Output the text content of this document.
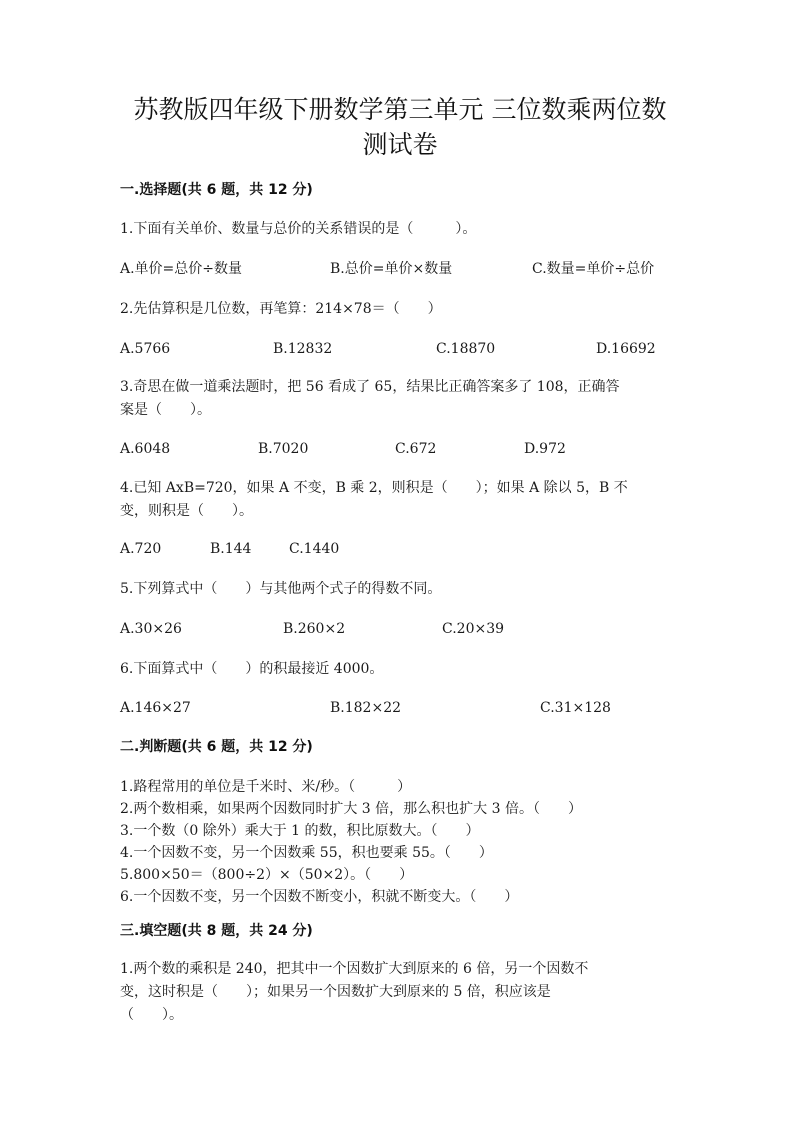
苏教版四年级下册数学第三单元 三位数乘两位数
测试卷
一.选择题(共 6 题，共 12 分)
1.下面有关单价、数量与总价的关系错误的是（　　　）。
A.单价=总价÷数量	B.总价=单价×数量	C.数量=单价÷总价
2.先估算积是几位数，再笔算：214×78＝（　　）
A.5766	B.12832	C.18870	D.16692
3.奇思在做一道乘法题时，把 56 看成了 65，结果比正确答案多了 108，正确答
案是（　　）。
A.6048	B.7020	C.672	D.972
4.已知 AxB=720，如果 A 不变，B 乘 2，则积是（　　）；如果 A 除以 5，B 不
变，则积是（　　）。
A.720	B.144	C.1440
5.下列算式中（　　）与其他两个式子的得数不同。
A.30×26	B.260×2	C.20×39
6.下面算式中（　　）的积最接近 4000。
A.146×27	B.182×22	C.31×128
二.判断题(共 6 题，共 12 分)
1.路程常用的单位是千米时、米/秒。（　　　）
2.两个数相乘，如果两个因数同时扩大 3 倍，那么积也扩大 3 倍。（　　）
3.一个数（0 除外）乘大于 1 的数，积比原数大。（　　）
4.一个因数不变，另一个因数乘 55，积也要乘 55。（　　）
5.800×50＝（800÷2）×（50×2）。（　　）
6.一个因数不变，另一个因数不断变小，积就不断变大。（　　）
三.填空题(共 8 题，共 24 分)
1.两个数的乘积是 240，把其中一个因数扩大到原来的 6 倍，另一个因数不
变，这时积是（　　）；如果另一个因数扩大到原来的 5 倍，积应该是
（　　）。
